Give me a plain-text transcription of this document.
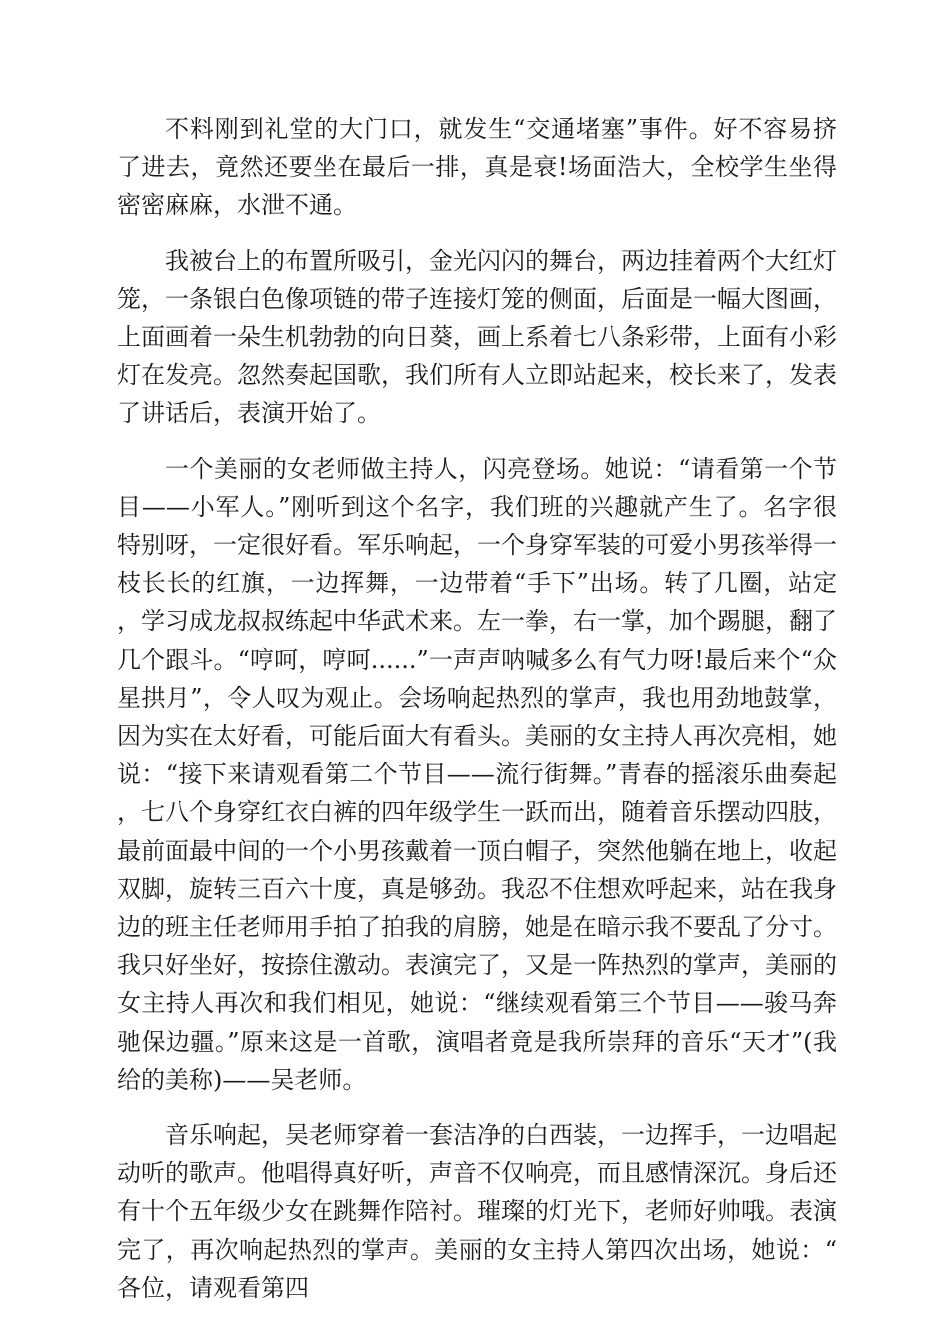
不料刚到礼堂的大门口，就发生“交通堵塞”事件。好不容易挤了进去，竟然还要坐在最后一排，真是衰!场面浩大，全校学生坐得密密麻麻，水泄不通。

我被台上的布置所吸引，金光闪闪的舞台，两边挂着两个大红灯笼，一条银白色像项链的带子连接灯笼的侧面，后面是一幅大图画，上面画着一朵生机勃勃的向日葵，画上系着七八条彩带，上面有小彩灯在发亮。忽然奏起国歌，我们所有人立即站起来，校长来了，发表了讲话后，表演开始了。

一个美丽的女老师做主持人，闪亮登场。她说：“请看第一个节目——小军人。”刚听到这个名字，我们班的兴趣就产生了。名字很特别呀，一定很好看。军乐响起，一个身穿军装的可爱小男孩举得一枝长长的红旗，一边挥舞，一边带着“手下”出场。转了几圈，站定，学习成龙叔叔练起中华武术来。左一拳，右一掌，加个踢腿，翻了几个跟斗。“哼呵，哼呵......”一声声呐喊多么有气力呀!最后来个“众星拱月”，令人叹为观止。会场响起热烈的掌声，我也用劲地鼓掌，因为实在太好看，可能后面大有看头。美丽的女主持人再次亮相，她说：“接下来请观看第二个节目——流行街舞。”青春的摇滚乐曲奏起，七八个身穿红衣白裤的四年级学生一跃而出，随着音乐摆动四肢，最前面最中间的一个小男孩戴着一顶白帽子，突然他躺在地上，收起双脚，旋转三百六十度，真是够劲。我忍不住想欢呼起来，站在我身边的班主任老师用手拍了拍我的肩膀，她是在暗示我不要乱了分寸。我只好坐好，按捺住激动。表演完了，又是一阵热烈的掌声，美丽的女主持人再次和我们相见，她说：“继续观看第三个节目——骏马奔驰保边疆。”原来这是一首歌，演唱者竟是我所崇拜的音乐“天才”(我给的美称)——吴老师。

音乐响起，吴老师穿着一套洁净的白西装，一边挥手，一边唱起动听的歌声。他唱得真好听，声音不仅响亮，而且感情深沉。身后还有十个五年级少女在跳舞作陪衬。璀璨的灯光下，老师好帅哦。表演完了，再次响起热烈的掌声。美丽的女主持人第四次出场，她说：“各位，请观看第四
